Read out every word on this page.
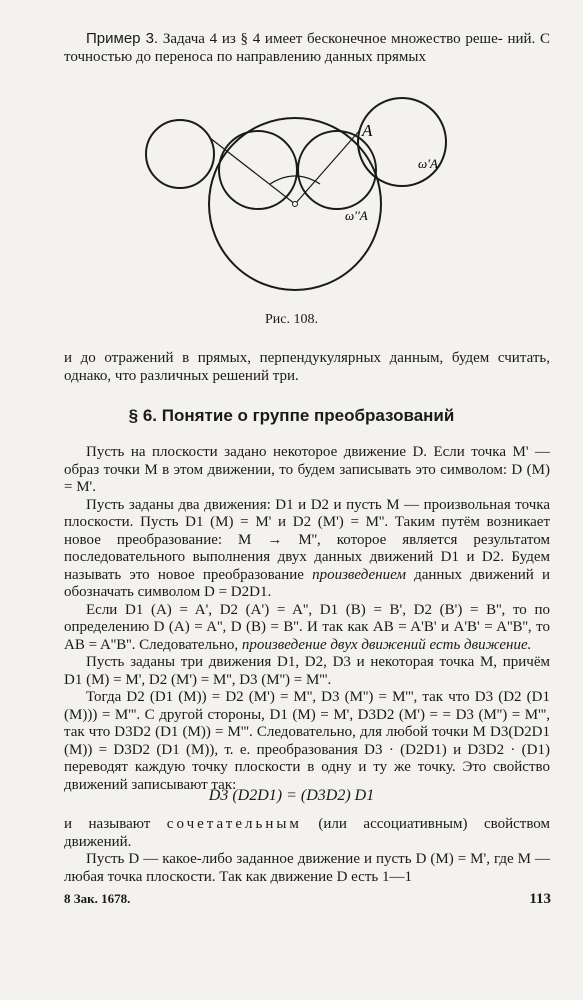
Пример 3. Задача 4 из § 4 имеет бесконечное множество реше- ний. С точностью до переноса по направлению данных прямых

A
ω'A
ω''A
Рис. 108.

и до отражений в прямых, перпендукулярных данным, будем считать, однако, что различных решений три.

§ 6. Понятие о группе преобразований

Пусть на плоскости задано некоторое движение D. Если точка M' — образ точки M в этом движении, то будем записывать это символом: D (M) = M'.

Пусть заданы два движения: D1 и D2 и пусть M — произвольная точка плоскости. Пусть D1 (M) = M' и D2 (M') = M''. Таким путём возникает новое преобразование: M → M'', которое является результатом последовательного выполнения двух данных движений D1 и D2. Будем называть это новое преобразование произведением данных движений и обозначать символом D = D2D1.

Если D1 (A) = A', D2 (A') = A'', D1 (B) = B', D2 (B') = B'', то по определению D (A) = A'', D (B) = B''. И так как AB = A'B' и A'B' = A''B'', то AB = A''B''. Следовательно, произведение двух движений есть движение.

Пусть заданы три движения D1, D2, D3 и некоторая точка M, причём D1 (M) = M', D2 (M') = M'', D3 (M'') = M'''.

Тогда D2 (D1 (M)) = D2 (M') = M'', D3 (M'') = M''', так что D3 (D2 (D1 (M))) = M'''. С другой стороны, D1 (M) = M', D3D2 (M') = = D3 (M'') = M''', так что D3D2 (D1 (M)) = M'''. Следовательно, для любой точки M D3(D2D1 (M)) = D3D2 (D1 (M)), т. е. преобразования D3 · (D2D1) и D3D2 · (D1) переводят каждую точку плоскости в одну и ту же точку. Это свойство движений записывают так:

D3 (D2D1) = (D3D2) D1

и называют сочетательным (или ассоциативным) свойством движений.

Пусть D — какое-либо заданное движение и пусть D (M) = M', где M — любая точка плоскости. Так как движение D есть 1—1

8 Зак. 1678.	113
